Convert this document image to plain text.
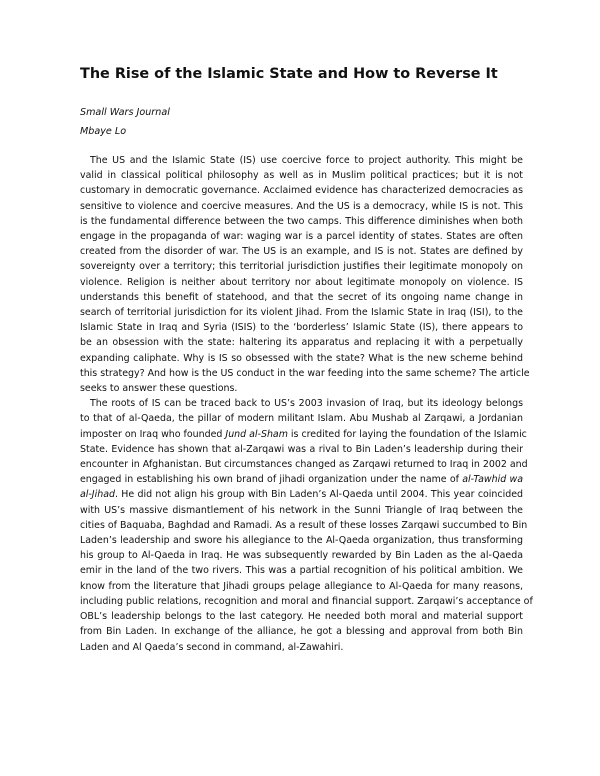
The Rise of the Islamic State and How to Reverse It
Small Wars Journal
Mbaye Lo

The US and the Islamic State (IS) use coercive force to project authority. This might be
valid in classical political philosophy as well as in Muslim political practices; but it is not
customary in democratic governance. Acclaimed evidence has characterized democracies as
sensitive to violence and coercive measures. And the US is a democracy, while IS is not. This
is the fundamental difference between the two camps. This difference diminishes when both
engage in the propaganda of war: waging war is a parcel identity of states. States are often
created from the disorder of war. The US is an example, and IS is not. States are defined by
sovereignty over a territory; this territorial jurisdiction justifies their legitimate monopoly on
violence. Religion is neither about territory nor about legitimate monopoly on violence. IS
understands this benefit of statehood, and that the secret of its ongoing name change in
search of territorial jurisdiction for its violent Jihad. From the Islamic State in Iraq (ISI), to the
Islamic State in Iraq and Syria (ISIS) to the ‘borderless’ Islamic State (IS), there appears to
be an obsession with the state: haltering its apparatus and replacing it with a perpetually
expanding caliphate. Why is IS so obsessed with the state? What is the new scheme behind
this strategy? And how is the US conduct in the war feeding into the same scheme? The article
seeks to answer these questions.

The roots of IS can be traced back to US’s 2003 invasion of Iraq, but its ideology belongs
to that of al-Qaeda, the pillar of modern militant Islam. Abu Mushab al Zarqawi, a Jordanian
imposter on Iraq who founded Jund al-Sham is credited for laying the foundation of the Islamic
State. Evidence has shown that al-Zarqawi was a rival to Bin Laden’s leadership during their
encounter in Afghanistan. But circumstances changed as Zarqawi returned to Iraq in 2002 and
engaged in establishing his own brand of jihadi organization under the name of al-Tawhid wa
al-Jihad. He did not align his group with Bin Laden’s Al-Qaeda until 2004. This year coincided
with US’s massive dismantlement of his network in the Sunni Triangle of Iraq between the
cities of Baquaba, Baghdad and Ramadi. As a result of these losses Zarqawi succumbed to Bin
Laden’s leadership and swore his allegiance to the Al-Qaeda organization, thus transforming
his group to Al-Qaeda in Iraq. He was subsequently rewarded by Bin Laden as the al-Qaeda
emir in the land of the two rivers. This was a partial recognition of his political ambition. We
know from the literature that Jihadi groups pelage allegiance to Al-Qaeda for many reasons,
including public relations, recognition and moral and financial support. Zarqawi’s acceptance of
OBL’s leadership belongs to the last category. He needed both moral and material support
from Bin Laden. In exchange of the alliance, he got a blessing and approval from both Bin
Laden and Al Qaeda’s second in command, al-Zawahiri.
